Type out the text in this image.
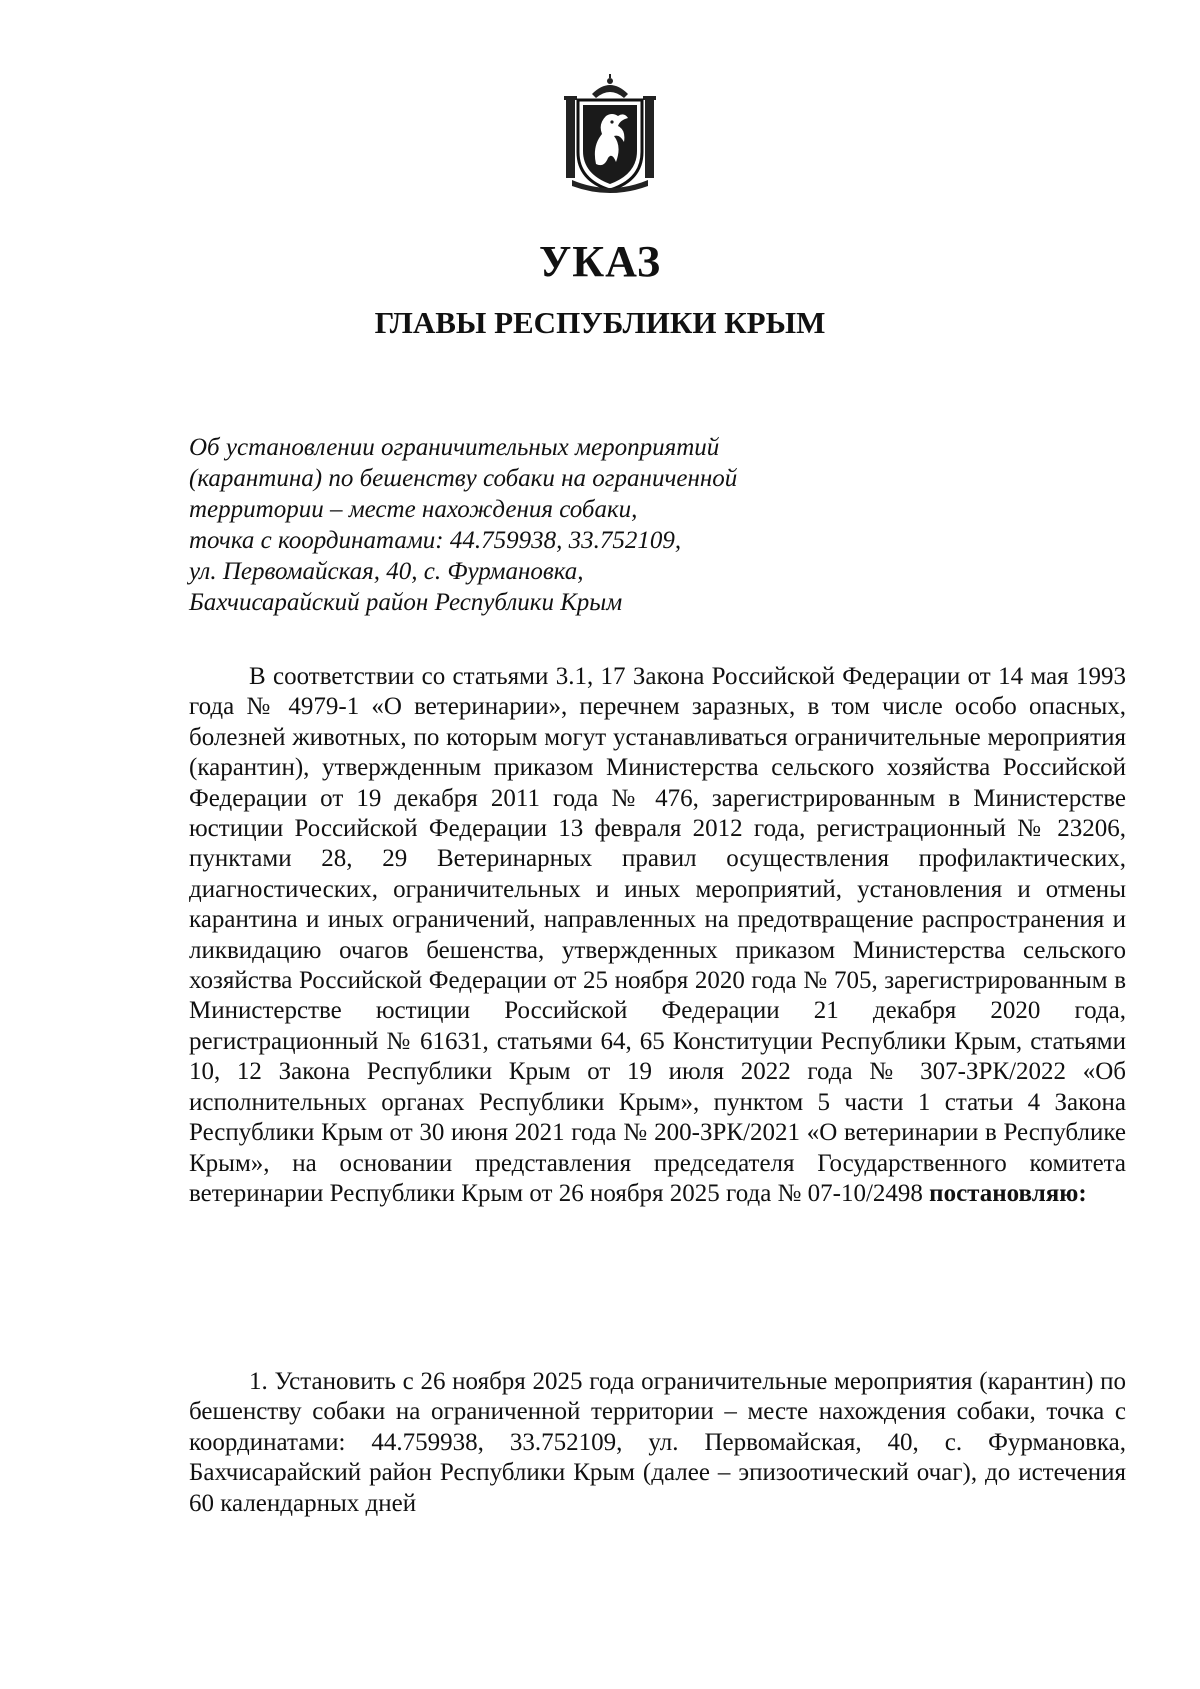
УКАЗ
ГЛАВЫ РЕСПУБЛИКИ КРЫМ
Об установлении ограничительных мероприятий
(карантина) по бешенству собаки на ограниченной
территории – месте нахождения собаки,
точка с координатами: 44.759938, 33.752109,
ул. Первомайская, 40, с. Фурмановка,
Бахчисарайский район Республики Крым

В соответствии со статьями 3.1, 17 Закона Российской Федерации от 14 мая 1993 года № 4979-1 «О ветеринарии», перечнем заразных, в том числе особо опасных, болезней животных, по которым могут устанавливаться ограничительные мероприятия (карантин), утвержденным приказом Министерства сельского хозяйства Российской Федерации от 19 декабря 2011 года № 476, зарегистрированным в Министерстве юстиции Российской Федерации 13 февраля 2012 года, регистрационный № 23206, пунктами 28, 29 Ветеринарных правил осуществления профилактических, диагностических, ограничительных и иных мероприятий, установления и отмены карантина и иных ограничений, направленных на предотвращение распространения и ликвидацию очагов бешенства, утвержденных приказом Министерства сельского хозяйства Российской Федерации от 25 ноября 2020 года № 705, зарегистрированным в Министерстве юстиции Российской Федерации 21 декабря 2020 года, регистрационный № 61631, статьями 64, 65 Конституции Республики Крым, статьями 10, 12 Закона Республики Крым от 19 июля 2022 года № 307-ЗРК/2022 «Об исполнительных органах Республики Крым», пунктом 5 части 1 статьи 4 Закона Республики Крым от 30 июня 2021 года № 200-ЗРК/2021 «О ветеринарии в Республике Крым», на основании представления председателя Государственного комитета ветеринарии Республики Крым от 26 ноября 2025 года № 07-10/2498 постановляю:

1. Установить с 26 ноября 2025 года ограничительные мероприятия (карантин) по бешенству собаки на ограниченной территории – месте нахождения собаки, точка с координатами: 44.759938, 33.752109, ул. Первомайская, 40, с. Фурмановка, Бахчисарайский район Республики Крым (далее – эпизоотический очаг), до истечения 60 календарных дней
